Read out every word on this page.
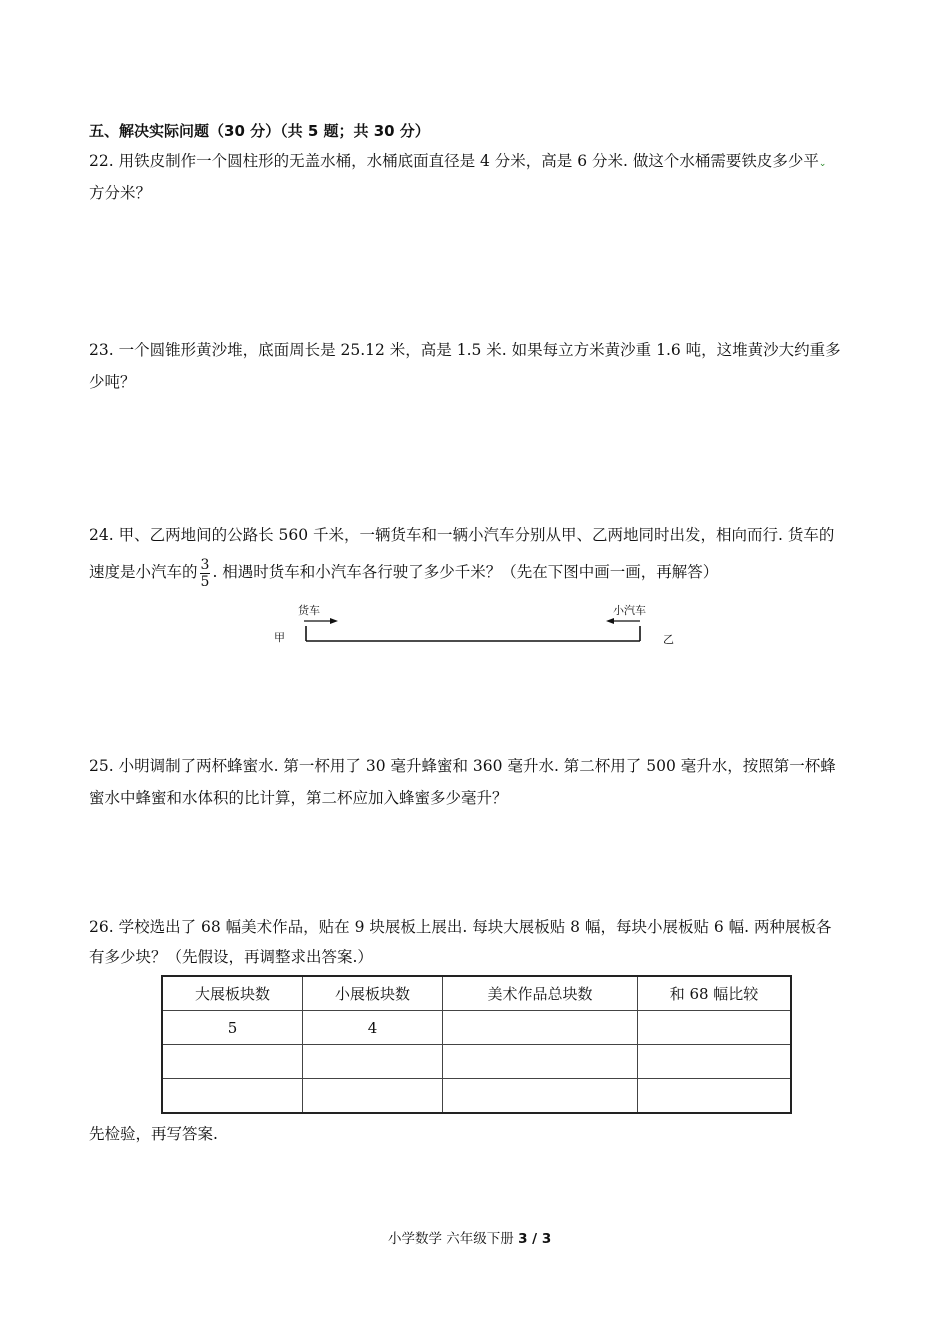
五、解决实际问题（30 分）（共 5 题；共 30 分）
22. 用铁皮制作一个圆柱形的无盖水桶，水桶底面直径是 4 分米，高是 6 分米. 做这个水桶需要铁皮多少平⌄
方分米？
23. 一个圆锥形黄沙堆，底面周长是 25.12 米，高是 1.5 米. 如果每立方米黄沙重 1.6 吨，这堆黄沙大约重多
少吨？
24. 甲、乙两地间的公路长 560 千米，一辆货车和一辆小汽车分别从甲、乙两地同时出发，相向而行. 货车的
速度是小汽车的 $\frac{3}{5}$ . 相遇时货车和小汽车各行驶了多少千米？（先在下图中画一画，再解答）
货车	小汽车
甲	乙
25. 小明调制了两杯蜂蜜水. 第一杯用了 30 毫升蜂蜜和 360 毫升水. 第二杯用了 500 毫升水，按照第一杯蜂
蜜水中蜂蜜和水体积的比计算，第二杯应加入蜂蜜多少毫升？
26. 学校选出了 68 幅美术作品，贴在 9 块展板上展出. 每块大展板贴 8 幅，每块小展板贴 6 幅. 两种展板各
有多少块？（先假设，再调整求出答案.）
大展板块数	小展板块数	美术作品总块数	和 68 幅比较
5	4		

先检验，再写答案.
小学数学 六年级下册 3 / 3
